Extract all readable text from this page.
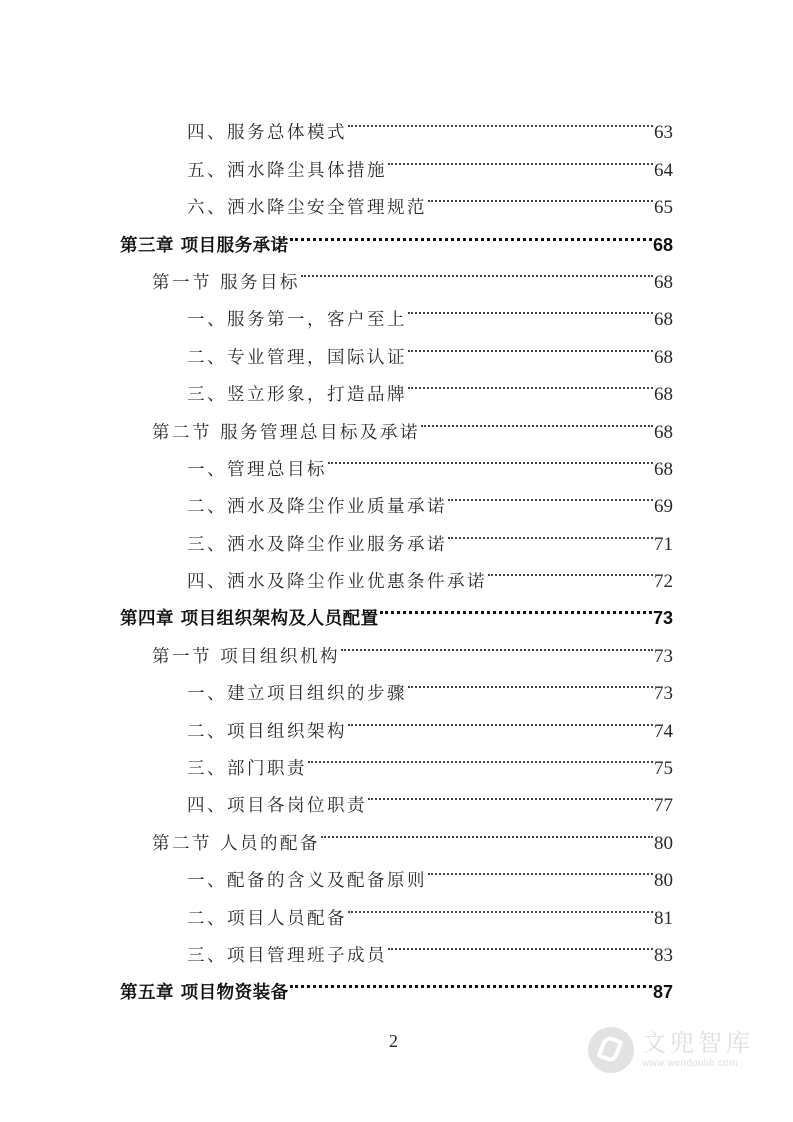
四、服务总体模式	63
五、洒水降尘具体措施	64
六、洒水降尘安全管理规范	65
第三章 项目服务承诺	68
第一节 服务目标	68
一、服务第一，客户至上	68
二、专业管理，国际认证	68
三、竖立形象，打造品牌	68
第二节 服务管理总目标及承诺	68
一、管理总目标	68
二、洒水及降尘作业质量承诺	69
三、洒水及降尘作业服务承诺	71
四、洒水及降尘作业优惠条件承诺	72
第四章 项目组织架构及人员配置	73
第一节 项目组织机构	73
一、建立项目组织的步骤	73
二、项目组织架构	74
三、部门职责	75
四、项目各岗位职责	77
第二节 人员的配备	80
一、配备的含义及配备原则	80
二、项目人员配备	81
三、项目管理班子成员	83
第五章 项目物资装备	87
2	文兜智库
www.wendoulib.com
